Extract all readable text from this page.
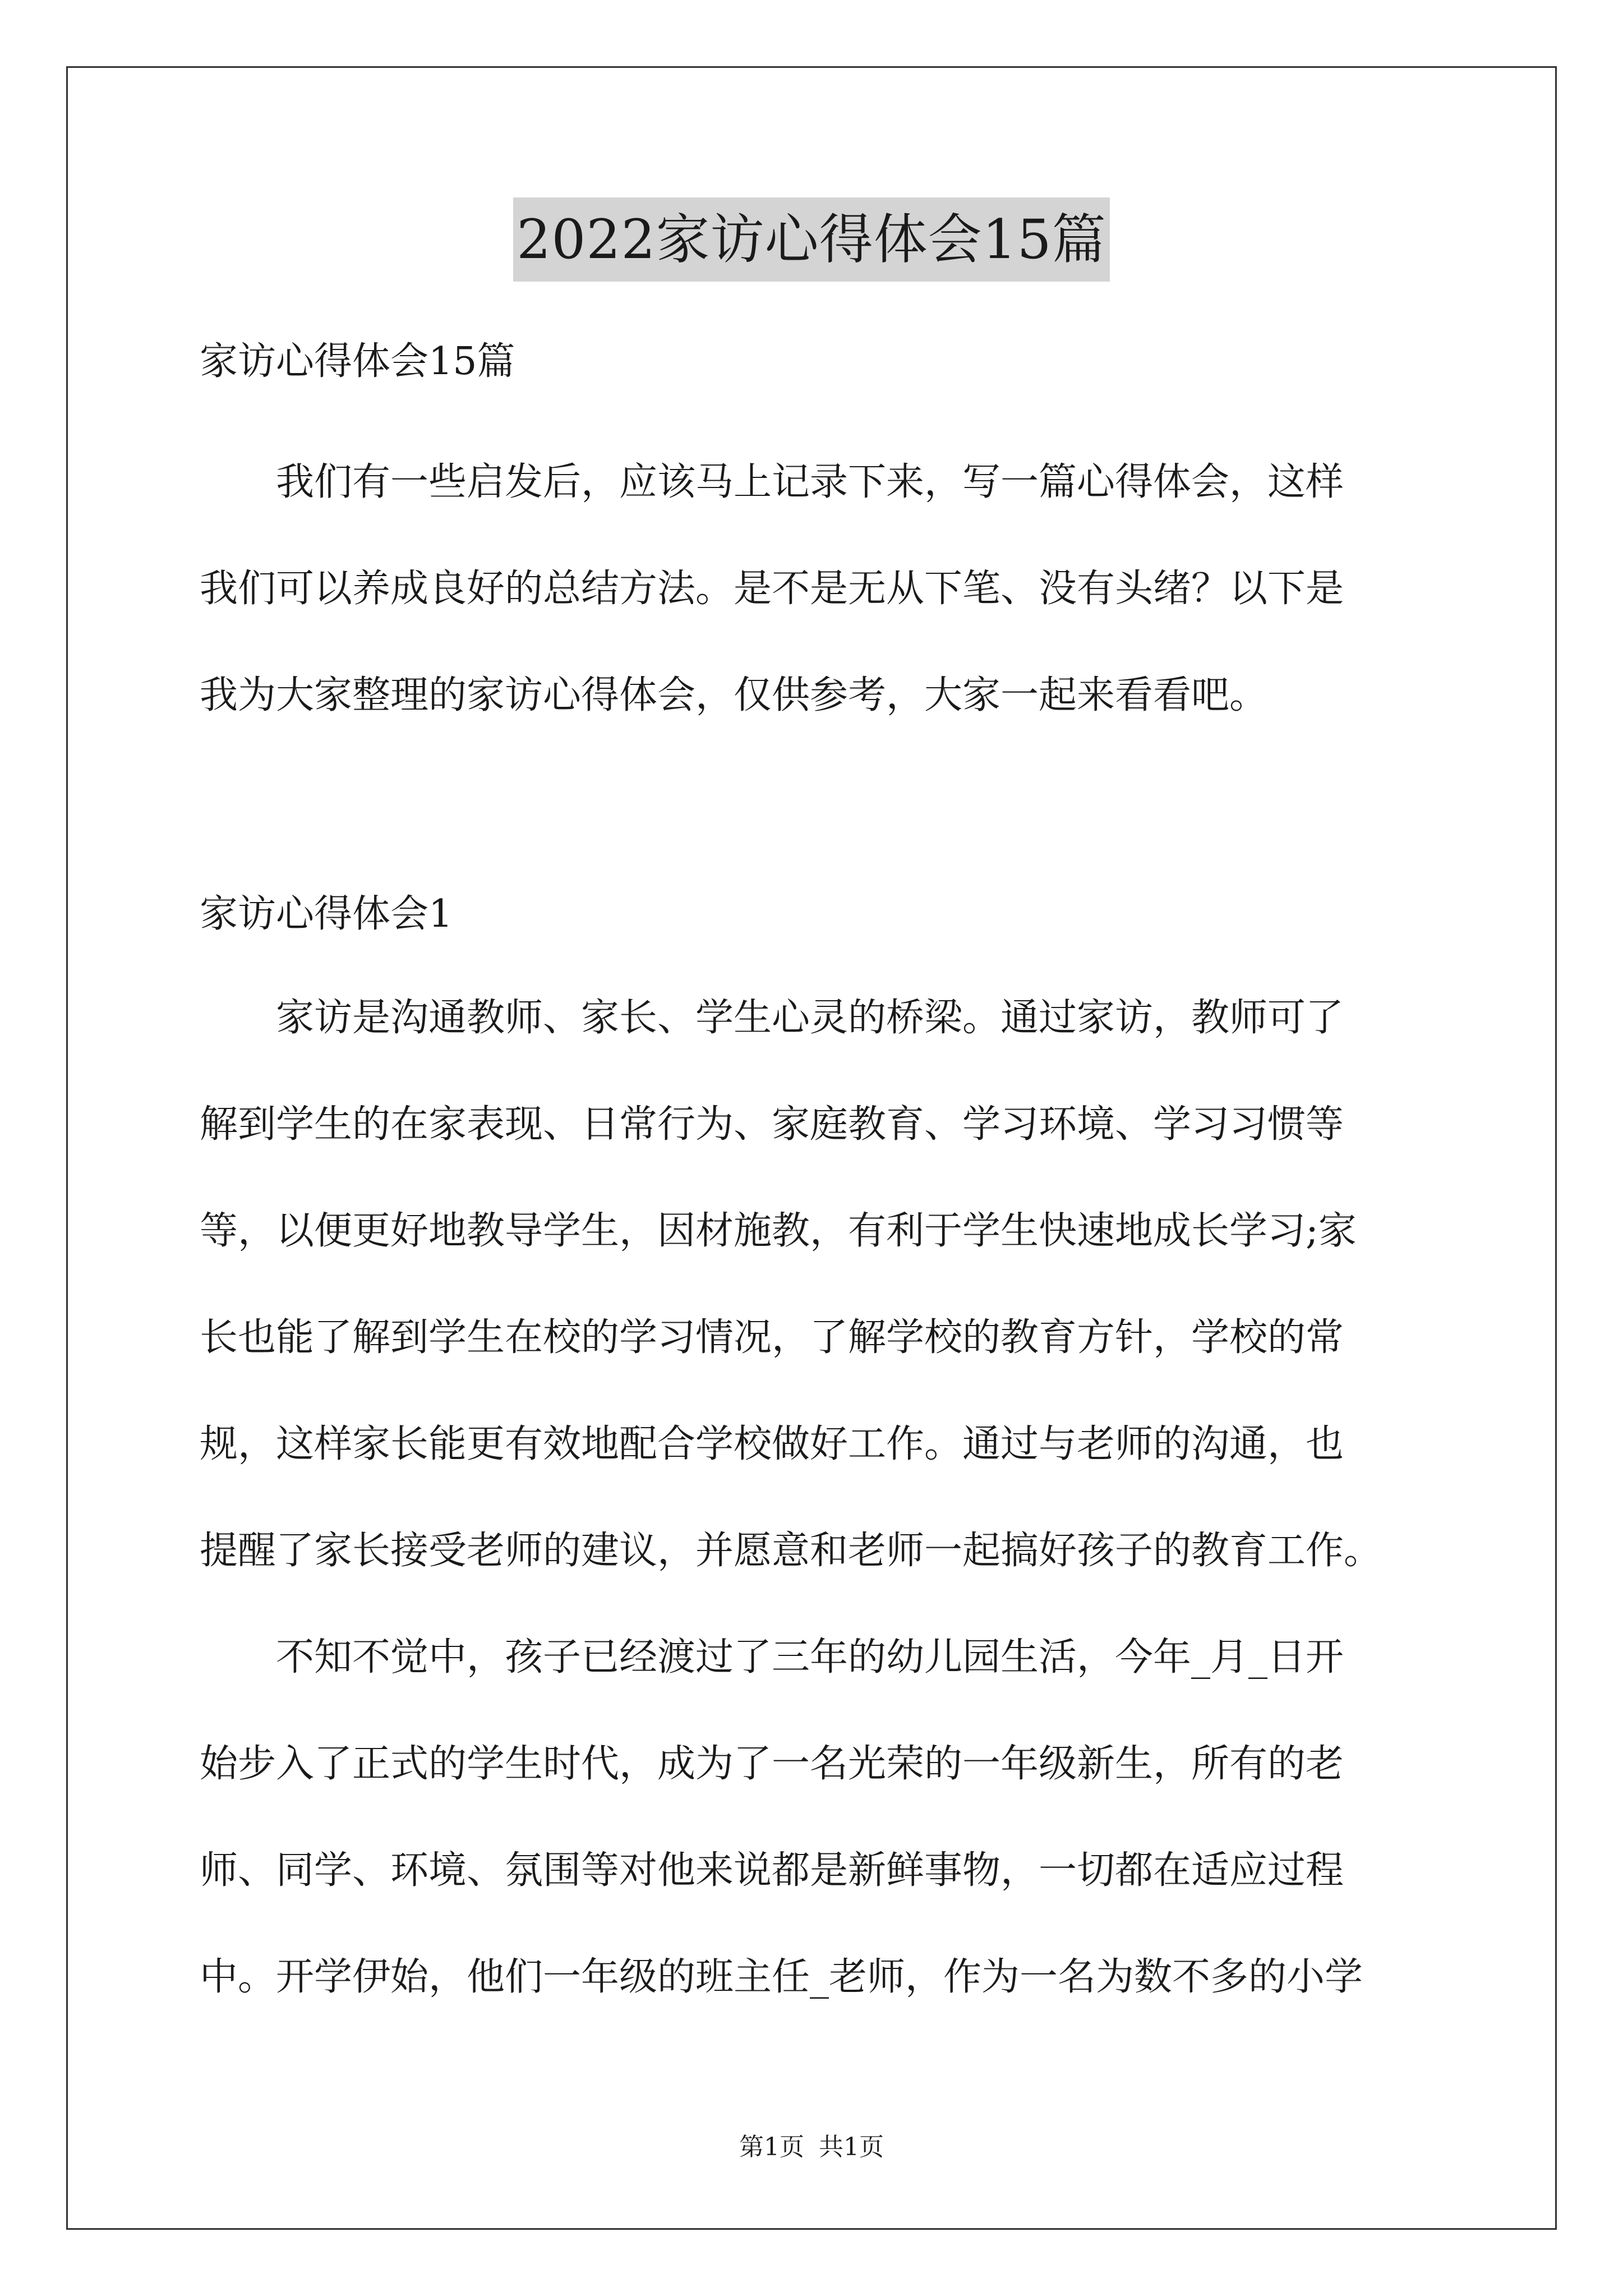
2022家访心得体会15篇
家访心得体会15篇
　　我们有一些启发后，应该马上记录下来，写一篇心得体会，这样
我们可以养成良好的总结方法。是不是无从下笔、没有头绪？以下是
我为大家整理的家访心得体会，仅供参考，大家一起来看看吧。
家访心得体会1
　　家访是沟通教师、家长、学生心灵的桥梁。通过家访，教师可了
解到学生的在家表现、日常行为、家庭教育、学习环境、学习习惯等
等，以便更好地教导学生，因材施教，有利于学生快速地成长学习;家
长也能了解到学生在校的学习情况，了解学校的教育方针，学校的常
规，这样家长能更有效地配合学校做好工作。通过与老师的沟通，也
提醒了家长接受老师的建议，并愿意和老师一起搞好孩子的教育工作。
　　不知不觉中，孩子已经渡过了三年的幼儿园生活，今年_月_日开
始步入了正式的学生时代，成为了一名光荣的一年级新生，所有的老
师、同学、环境、氛围等对他来说都是新鲜事物，一切都在适应过程
中。开学伊始，他们一年级的班主任_老师，作为一名为数不多的小学
第1页 共1页
